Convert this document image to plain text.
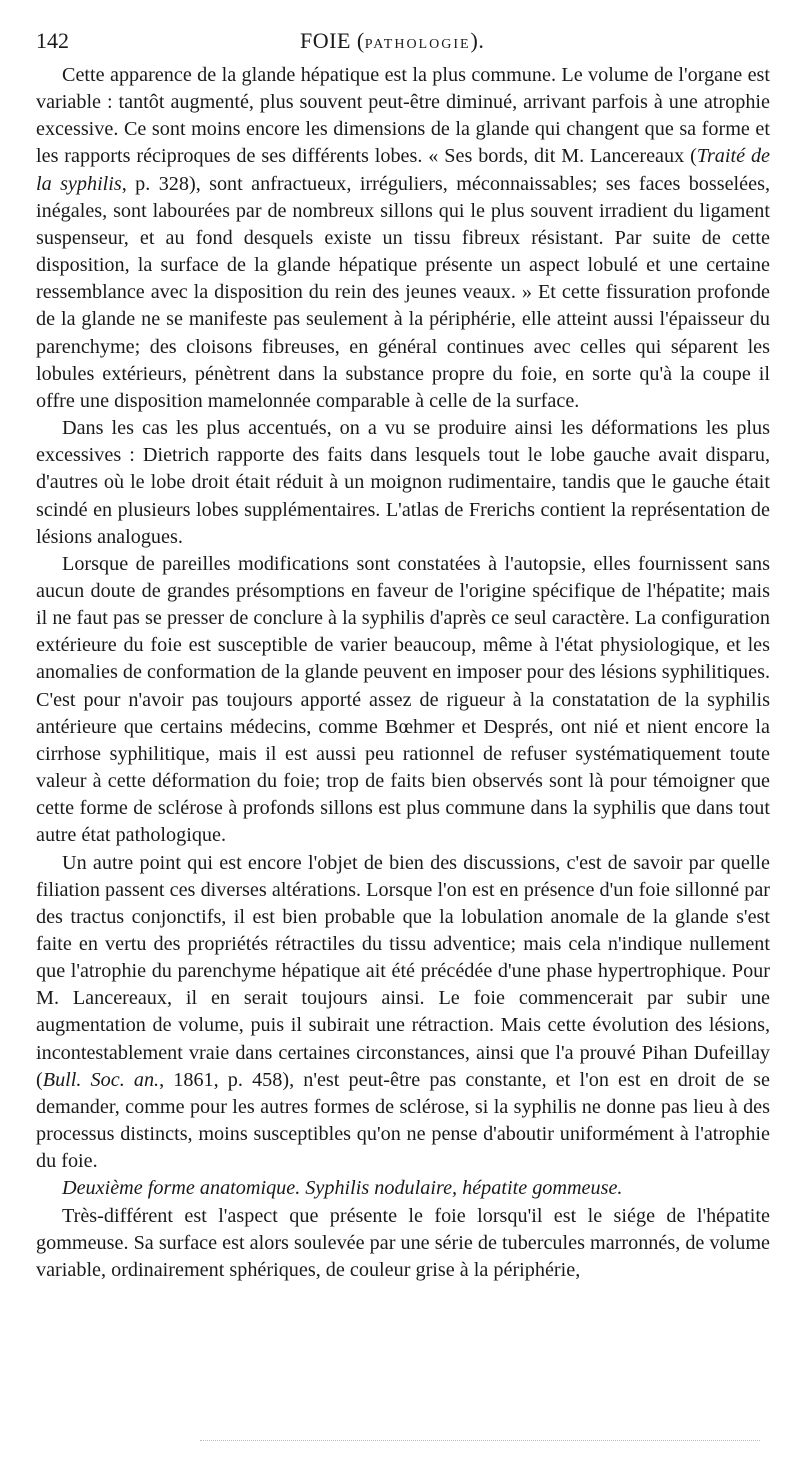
142	FOIE (PATHOLOGIE).

Cette apparence de la glande hépatique est la plus commune. Le volume de l'organe est variable : tantôt augmenté, plus souvent peut-être diminué, arrivant parfois à une atrophie excessive. Ce sont moins encore les dimensions de la glande qui changent que sa forme et les rapports réciproques de ses différents lobes. « Ses bords, dit M. Lancereaux (Traité de la syphilis, p. 328), sont anfractueux, irréguliers, méconnaissables; ses faces bosselées, inégales, sont labourées par de nombreux sillons qui le plus souvent irradient du ligament suspenseur, et au fond desquels existe un tissu fibreux résistant. Par suite de cette disposition, la surface de la glande hépatique présente un aspect lobulé et une certaine ressemblance avec la disposition du rein des jeunes veaux. » Et cette fissuration profonde de la glande ne se manifeste pas seulement à la périphérie, elle atteint aussi l'épaisseur du parenchyme; des cloisons fibreuses, en général continues avec celles qui séparent les lobules extérieurs, pénètrent dans la substance propre du foie, en sorte qu'à la coupe il offre une disposition mamelonnée comparable à celle de la surface.

Dans les cas les plus accentués, on a vu se produire ainsi les déformations les plus excessives : Dietrich rapporte des faits dans lesquels tout le lobe gauche avait disparu, d'autres où le lobe droit était réduit à un moignon rudimentaire, tandis que le gauche était scindé en plusieurs lobes supplémentaires. L'atlas de Frerichs contient la représentation de lésions analogues.

Lorsque de pareilles modifications sont constatées à l'autopsie, elles fournissent sans aucun doute de grandes présomptions en faveur de l'origine spécifique de l'hépatite; mais il ne faut pas se presser de conclure à la syphilis d'après ce seul caractère. La configuration extérieure du foie est susceptible de varier beaucoup, même à l'état physiologique, et les anomalies de conformation de la glande peuvent en imposer pour des lésions syphilitiques. C'est pour n'avoir pas toujours apporté assez de rigueur à la constatation de la syphilis antérieure que certains médecins, comme Bœhmer et Després, ont nié et nient encore la cirrhose syphilitique, mais il est aussi peu rationnel de refuser systématiquement toute valeur à cette déformation du foie; trop de faits bien observés sont là pour témoigner que cette forme de sclérose à profonds sillons est plus commune dans la syphilis que dans tout autre état pathologique.

Un autre point qui est encore l'objet de bien des discussions, c'est de savoir par quelle filiation passent ces diverses altérations. Lorsque l'on est en présence d'un foie sillonné par des tractus conjonctifs, il est bien probable que la lobulation anomale de la glande s'est faite en vertu des propriétés rétractiles du tissu adventice; mais cela n'indique nullement que l'atrophie du parenchyme hépatique ait été précédée d'une phase hypertrophique. Pour M. Lancereaux, il en serait toujours ainsi. Le foie commencerait par subir une augmentation de volume, puis il subirait une rétraction. Mais cette évolution des lésions, incontestablement vraie dans certaines circonstances, ainsi que l'a prouvé Pihan Dufeillay (Bull. Soc. an., 1861, p. 458), n'est peut-être pas constante, et l'on est en droit de se demander, comme pour les autres formes de sclérose, si la syphilis ne donne pas lieu à des processus distincts, moins susceptibles qu'on ne pense d'aboutir uniformément à l'atrophie du foie.

Deuxième forme anatomique. Syphilis nodulaire, hépatite gommeuse.

Très-différent est l'aspect que présente le foie lorsqu'il est le siége de l'hépatite gommeuse. Sa surface est alors soulevée par une série de tubercules marronnés, de volume variable, ordinairement sphériques, de couleur grise à la périphérie,
